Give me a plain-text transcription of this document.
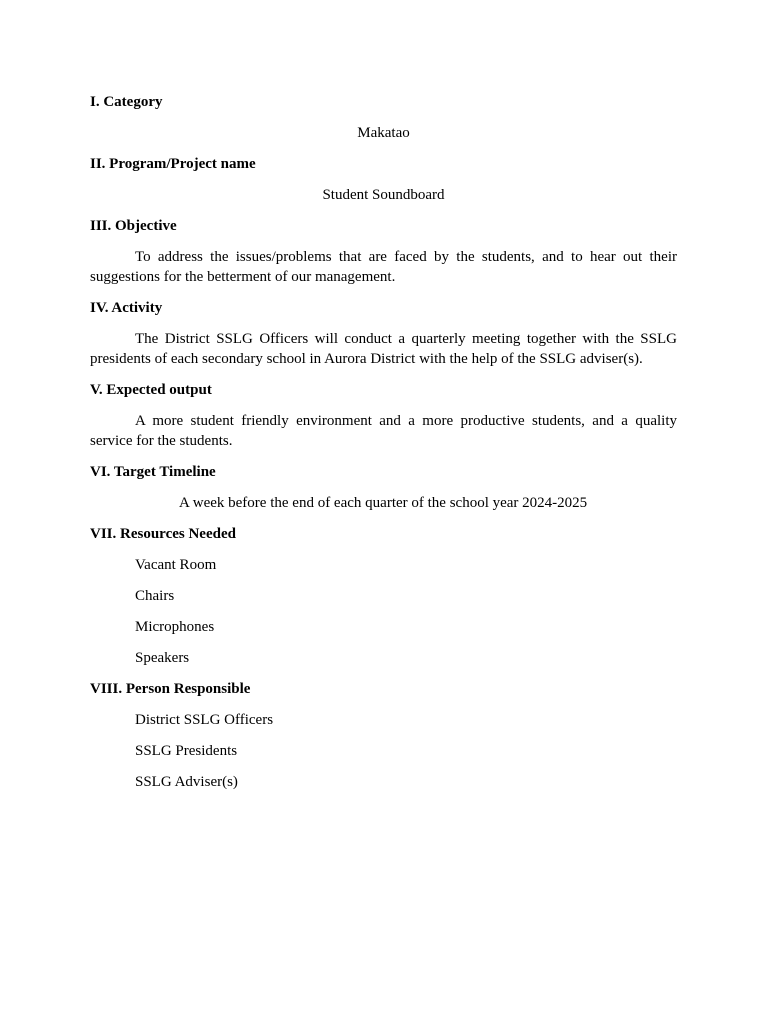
I. Category
Makatao
II. Program/Project name
Student Soundboard
III. Objective
To address the issues/problems that are faced by the students, and to hear out their suggestions for the betterment of our management.
IV. Activity
The District SSLG Officers will conduct a quarterly meeting together with the SSLG presidents of each secondary school in Aurora District with the help of the SSLG adviser(s).
V. Expected output
A more student friendly environment and a more productive students, and a quality service for the students.
VI. Target Timeline
A week before the end of each quarter of the school year 2024-2025
VII. Resources Needed
Vacant Room
Chairs
Microphones
Speakers
VIII. Person Responsible
District SSLG Officers
SSLG Presidents
SSLG Adviser(s)
